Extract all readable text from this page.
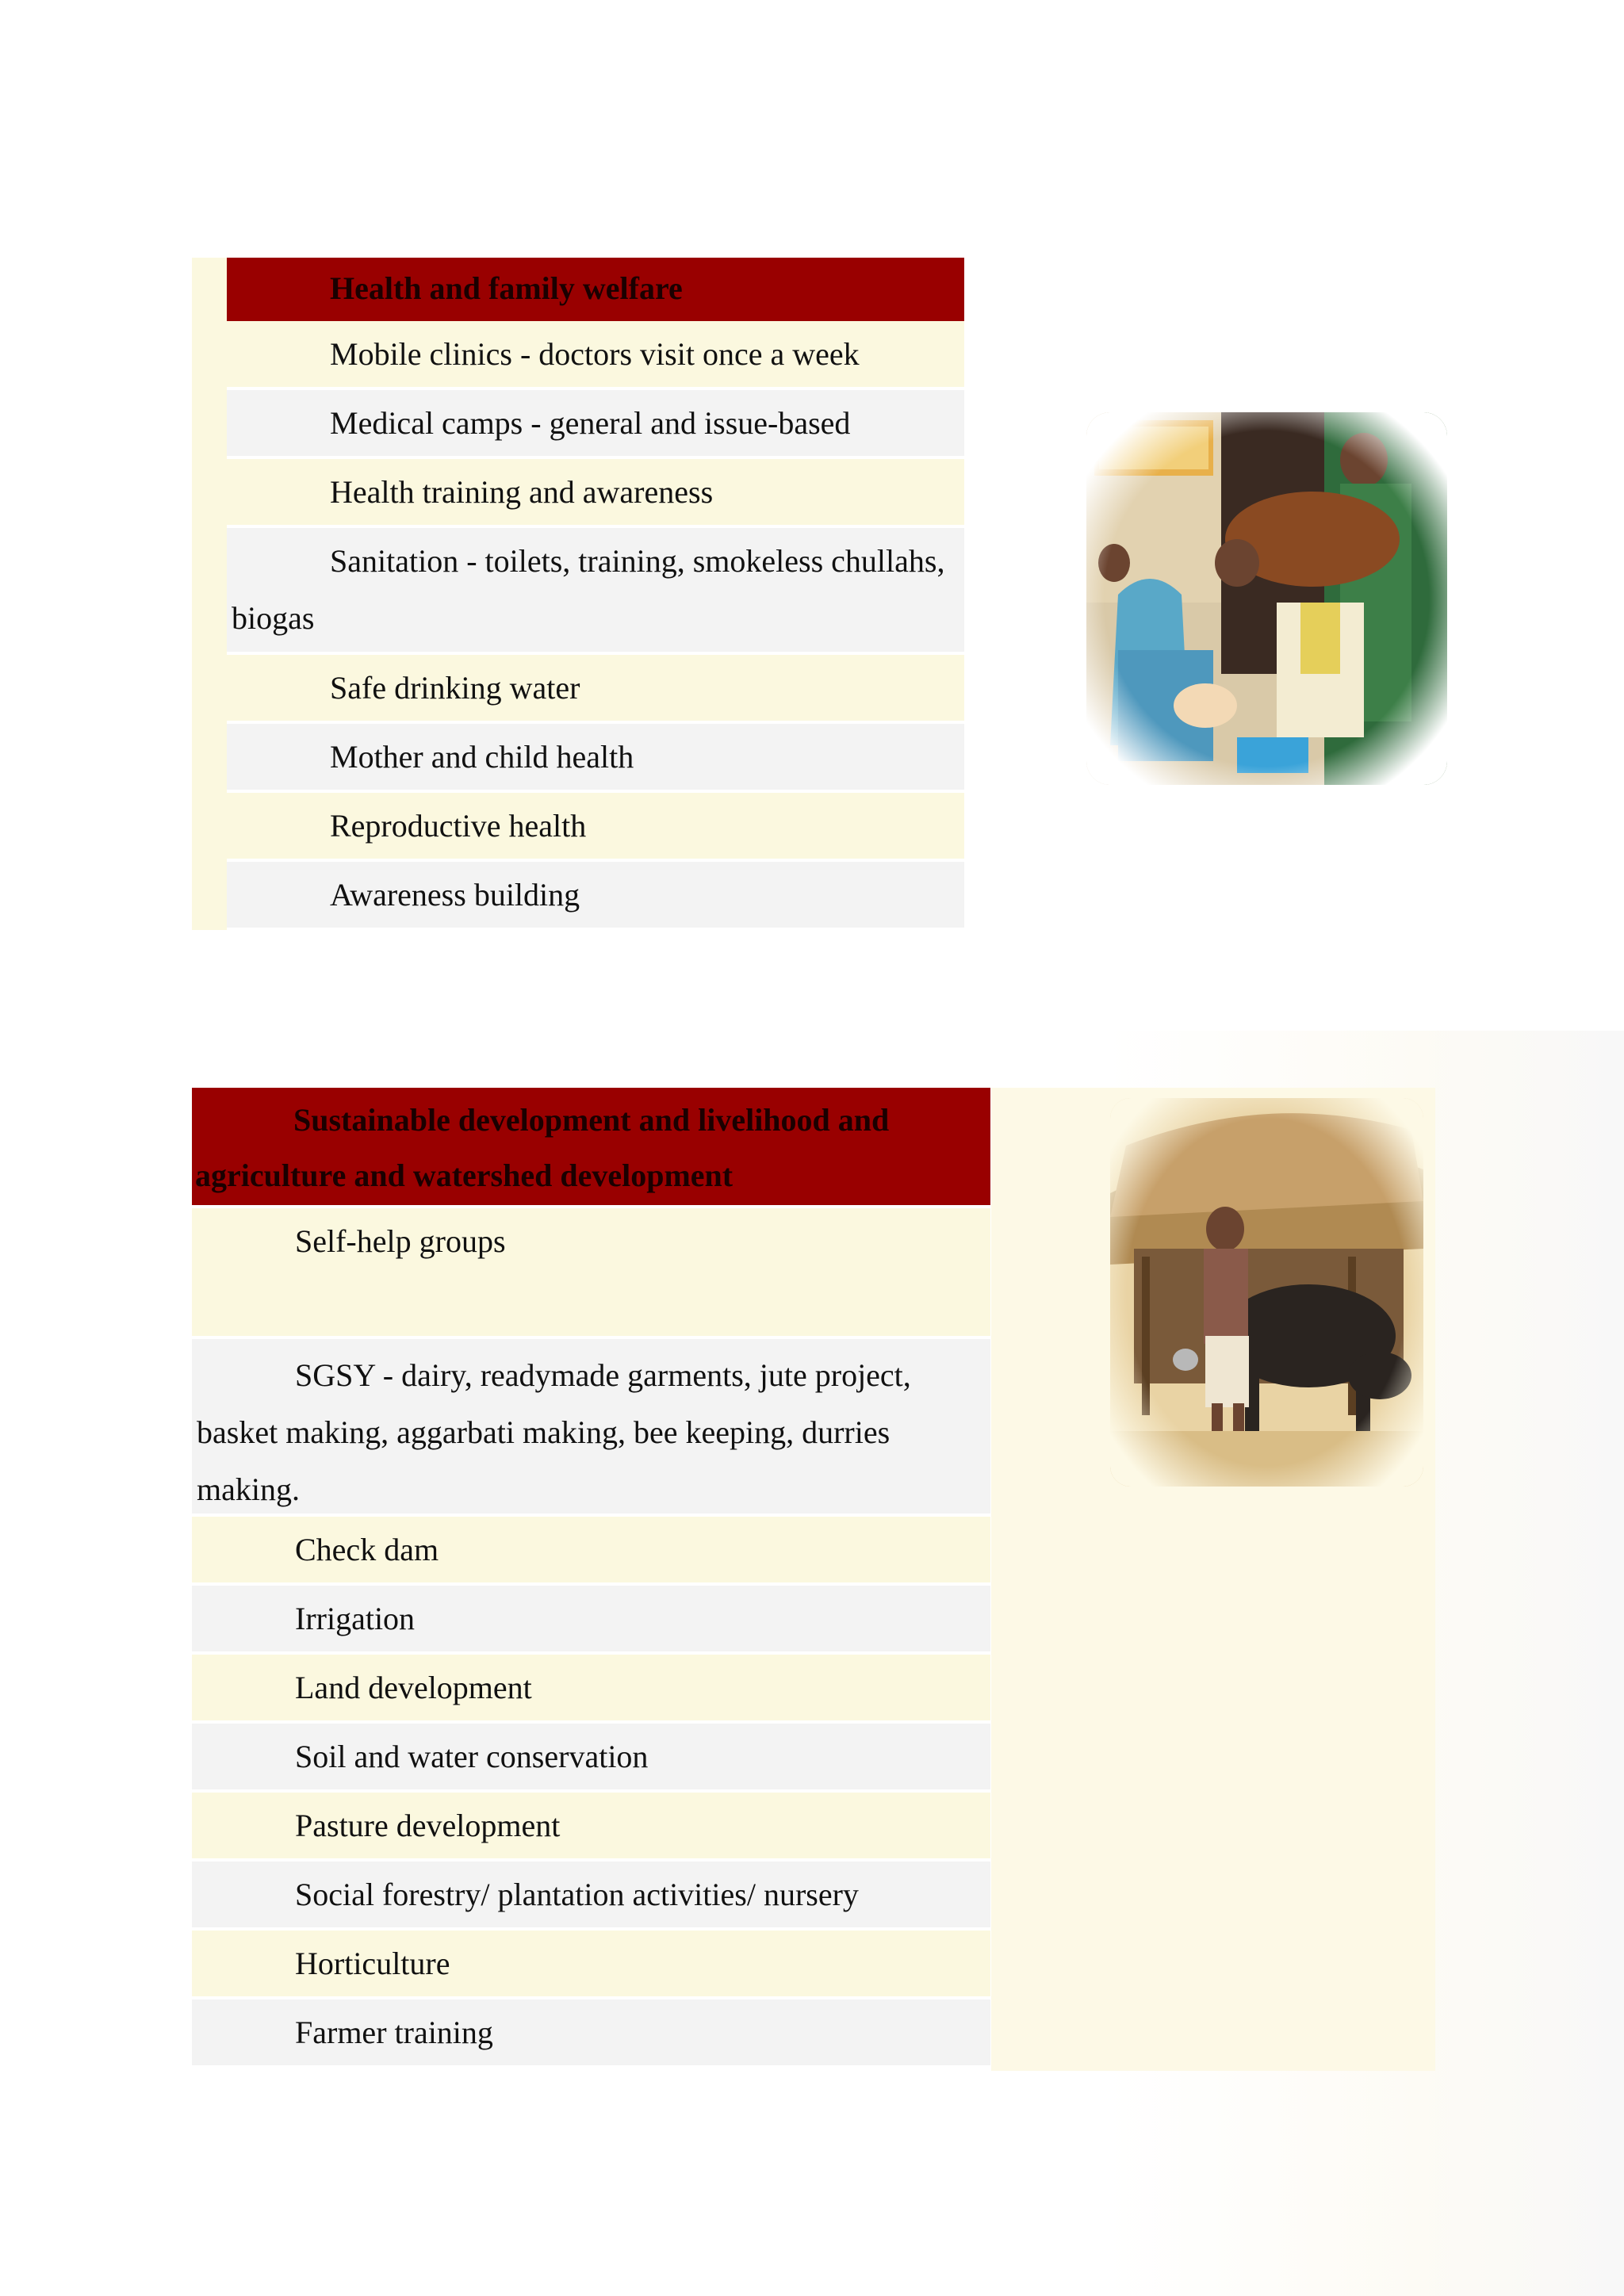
Health and family welfare
Mobile clinics - doctors visit once a week
Medical camps - general and issue-based
Health training and awareness
Sanitation - toilets, training, smokeless chullahs, biogas
Safe drinking water
Mother and child health
Reproductive health
Awareness building
Sustainable development and livelihood and agriculture and watershed development
Self-help groups
SGSY - dairy, readymade garments, jute project, basket making, aggarbati making, bee keeping, durries making.
Check dam
Irrigation
Land development
Soil and water conservation
Pasture development
Social forestry/ plantation activities/ nursery
Horticulture
Farmer training
